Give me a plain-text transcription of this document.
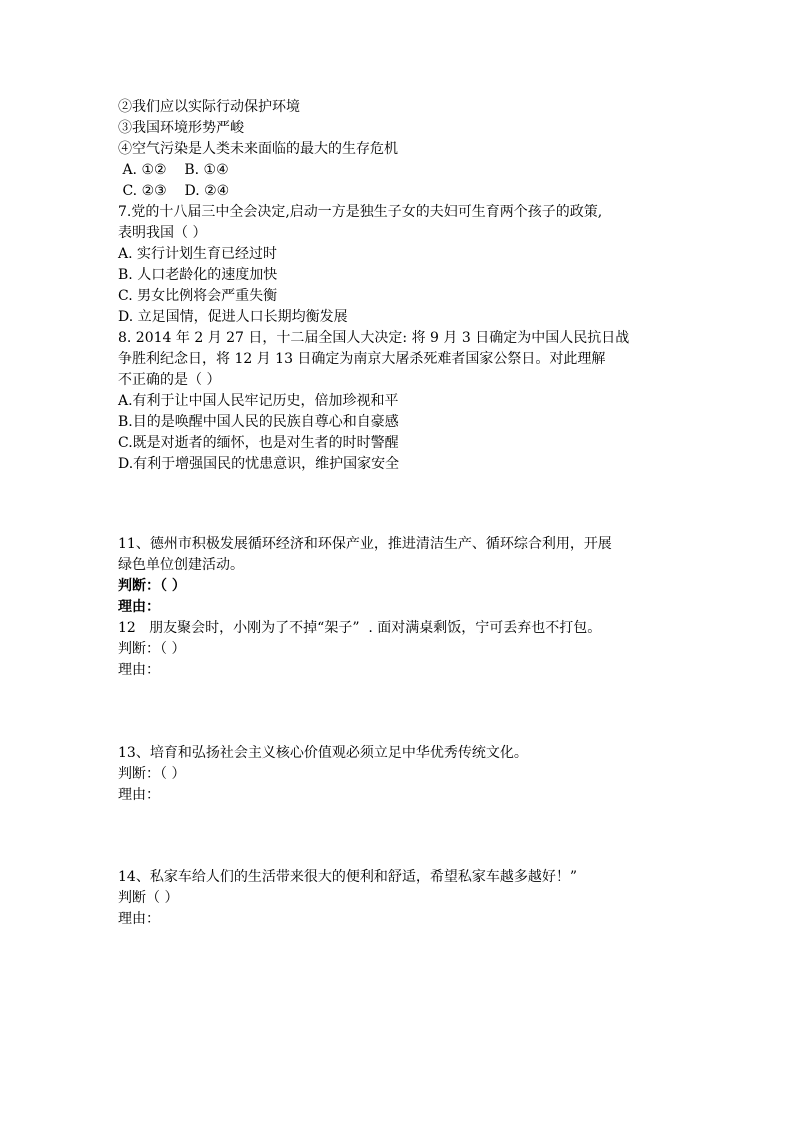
②我们应以实际行动保护环境
③我国环境形势严峻
④空气污染是人类未来面临的最大的生存危机
A. ①②    B. ①④
C. ②③    D. ②④
7.党的十八届三中全会决定,启动一方是独生子女的夫妇可生育两个孩子的政策,
表明我国（ ）
A. 实行计划生育已经过时
B. 人口老龄化的速度加快
C. 男女比例将会严重失衡
D. 立足国情，促进人口长期均衡发展
8. 2014 年 2 月 27 日，十二届全国人大决定: 将 9 月 3 日确定为中国人民抗日战
争胜利纪念日，将 12 月 13 日确定为南京大屠杀死难者国家公祭日。对此理解
不正确的是（ ）
A.有利于让中国人民牢记历史，倍加珍视和平
B.目的是唤醒中国人民的民族自尊心和自豪感
C.既是对逝者的缅怀，也是对生者的时时警醒
D.有利于增强国民的忧患意识，维护国家安全
11、德州市积极发展循环经济和环保产业，推进清洁生产、循环综合利用，开展
绿色单位创建活动。
判断：（ ）
理由：
12   朋友聚会时，小刚为了不掉“架子”  . 面对满桌剩饭，宁可丢弃也不打包。
判断：（ ）
理由：
13、培育和弘扬社会主义核心价值观必须立足中华优秀传统文化。
判断：（ ）
理由：
14、私家车给人们的生活带来很大的便利和舒适，希望私家车越多越好！”
判断（ ）
理由：
